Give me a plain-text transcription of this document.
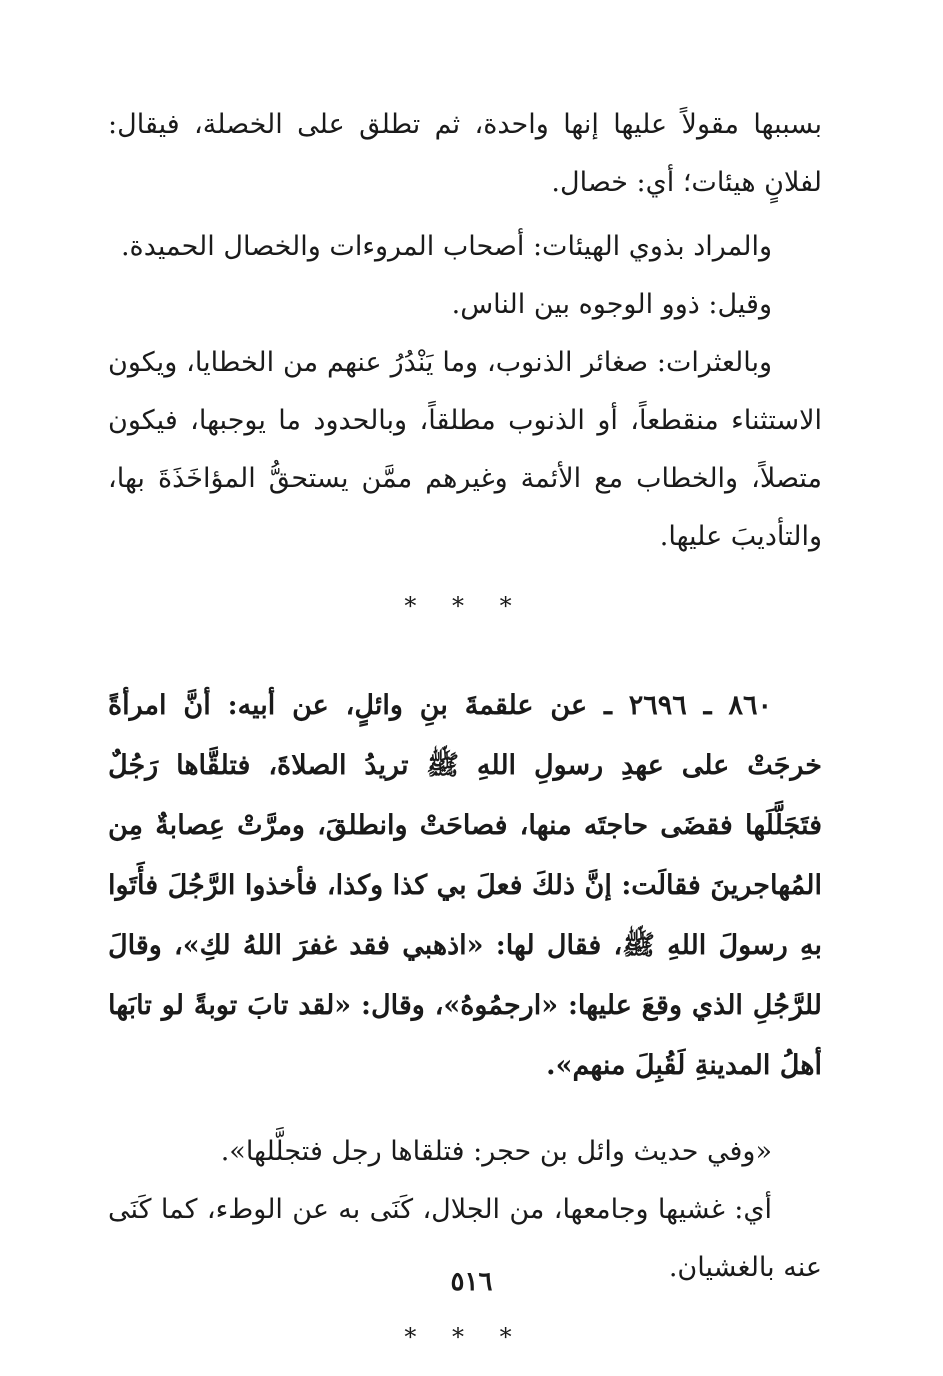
بسببها مقولاً عليها إنها واحدة، ثم تطلق على الخصلة، فيقال: لفلانٍ هيئات؛ أي: خصال.

والمراد بذوي الهيئات: أصحاب المروءات والخصال الحميدة.

وقيل: ذوو الوجوه بين الناس.

وبالعثرات: صغائر الذنوب، وما يَنْدُرُ عنهم من الخطايا، ويكون الاستثناء منقطعاً، أو الذنوب مطلقاً، وبالحدود ما يوجبها، فيكون متصلاً، والخطاب مع الأئمة وغيرهم ممَّن يستحقُّ المؤاخَذَةَ بها، والتأديبَ عليها.

* * *

٨٦٠ ـ ٢٦٩٦ ـ عن علقمةَ بنِ وائلٍ، عن أبيه: أنَّ امرأةً خرجَتْ على عهدِ رسولِ اللهِ ﷺ تريدُ الصلاةَ، فتلقَّاها رَجُلٌ فتَجَلَّلَها فقضَى حاجتَه منها، فصاحَتْ وانطلقَ، ومرَّتْ عِصابةٌ مِن المُهاجرينَ فقالَت: إنَّ ذلكَ فعلَ بي كذا وكذا، فأخذوا الرَّجُلَ فأَتَوا بهِ رسولَ اللهِ ﷺ، فقال لها: «اذهبي فقد غفرَ اللهُ لكِ»، وقالَ للرَّجُلِ الذي وقعَ عليها: «ارجمُوهُ»، وقال: «لقد تابَ توبةً لو تابَها أهلُ المدينةِ لَقُبِلَ منهم».

«وفي حديث وائل بن حجر: فتلقاها رجل فتجلَّلها».

أي: غشيها وجامعها، من الجلال، كَنَى به عن الوطء، كما كَنَى عنه بالغشيان.

* * *
٥١٦
